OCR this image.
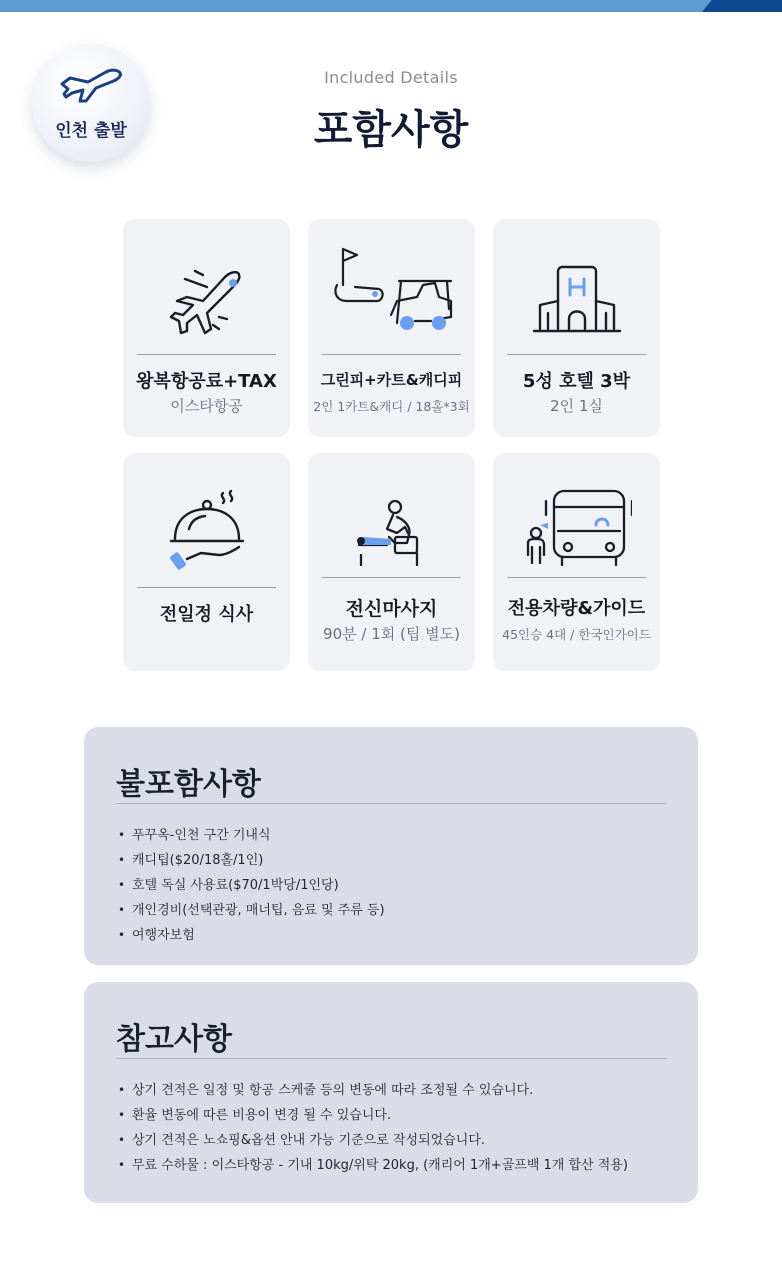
인천 출발
Included Details
포함사항
왕복항공료+TAX
이스타항공
그린피+카트&캐디피
2인 1카트&캐디 / 18홀*3회
5성 호텔 3박
2인 1실
전일정 식사	전신마사지
90분 / 1회 (팁 별도)
전용차량&가이드
45인승 4대 / 한국인가이드
불포함사항
• 푸꾸옥-인천 구간 기내식
• 캐디팁($20/18홀/1인)
• 호텔 독실 사용료($70/1박당/1인당)
• 개인경비(선택관광, 매너팁, 음료 및 주류 등)
• 여행자보험
참고사항
• 상기 견적은 일정 및 항공 스케줄 등의 변동에 따라 조정될 수 있습니다.
• 환율 변동에 따른 비용이 변경 될 수 있습니다.
• 상기 견적은 노쇼핑&옵션 안내 가능 기준으로 작성되었습니다.
• 무료 수하물 : 이스타항공 - 기내 10kg/위탁 20kg, (캐리어 1개+골프백 1개 합산 적용)
